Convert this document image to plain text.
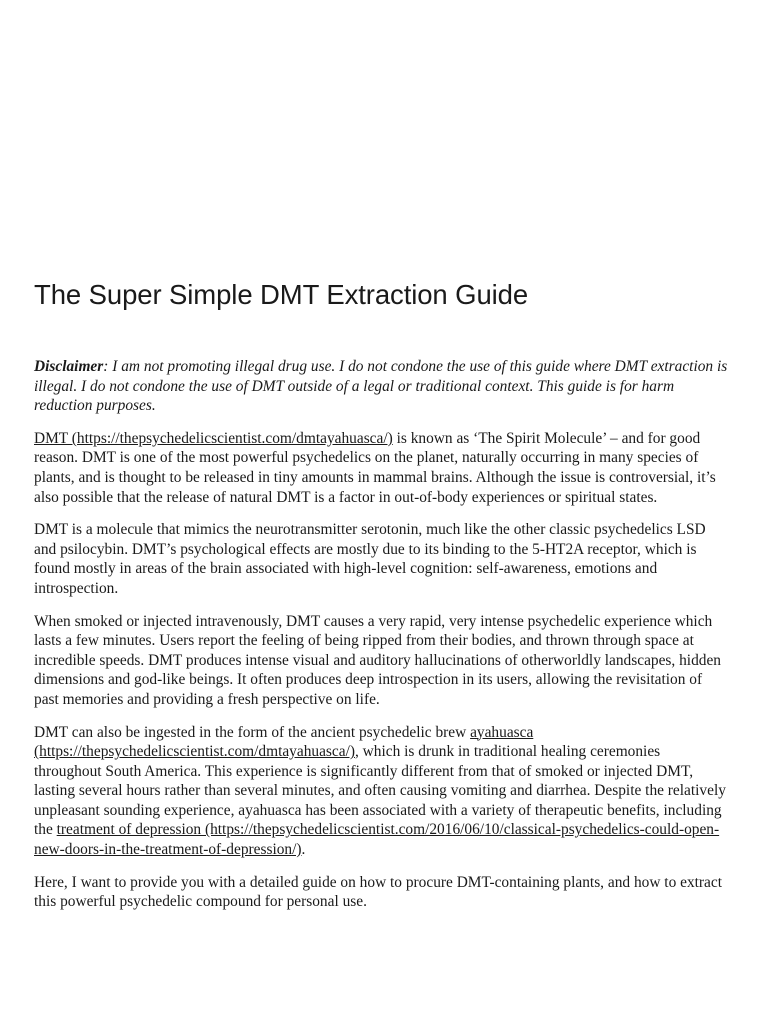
The Super Simple DMT Extraction Guide

Disclaimer: I am not promoting illegal drug use. I do not condone the use of this guide where DMT extraction is illegal. I do not condone the use of DMT outside of a legal or traditional context. This guide is for harm reduction purposes.

DMT (https://thepsychedelicscientist.com/dmtayahuasca/) is known as ‘The Spirit Molecule’ – and for good reason. DMT is one of the most powerful psychedelics on the planet, naturally occurring in many species of plants, and is thought to be released in tiny amounts in mammal brains. Although the issue is controversial, it’s also possible that the release of natural DMT is a factor in out-of-body experiences or spiritual states.

DMT is a molecule that mimics the neurotransmitter serotonin, much like the other classic psychedelics LSD and psilocybin. DMT’s psychological effects are mostly due to its binding to the 5-HT2A receptor, which is found mostly in areas of the brain associated with high-level cognition: self-awareness, emotions and introspection.

When smoked or injected intravenously, DMT causes a very rapid, very intense psychedelic experience which lasts a few minutes. Users report the feeling of being ripped from their bodies, and thrown through space at incredible speeds. DMT produces intense visual and auditory hallucinations of otherworldly landscapes, hidden dimensions and god-like beings. It often produces deep introspection in its users, allowing the revisitation of past memories and providing a fresh perspective on life.

DMT can also be ingested in the form of the ancient psychedelic brew ayahuasca (https://thepsychedelicscientist.com/dmtayahuasca/), which is drunk in traditional healing ceremonies throughout South America. This experience is significantly different from that of smoked or injected DMT, lasting several hours rather than several minutes, and often causing vomiting and diarrhea. Despite the relatively unpleasant sounding experience, ayahuasca has been associated with a variety of therapeutic benefits, including the treatment of depression (https://thepsychedelicscientist.com/2016/06/10/classical-psychedelics-could-open-new-doors-in-the-treatment-of-depression/).

Here, I want to provide you with a detailed guide on how to procure DMT-containing plants, and how to extract this powerful psychedelic compound for personal use.
